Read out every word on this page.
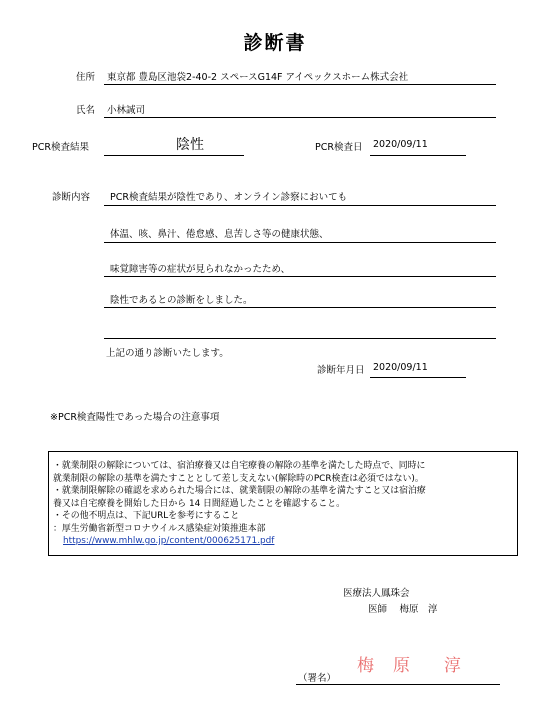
診断書
住所 東京都 豊島区池袋2-40-2 スペースG14F アイペックスホーム株式会社
氏名 小林誠司
PCR検査結果	陰性	PCR検査日 2020/09/11
診断内容 PCR検査結果が陰性であり、オンライン診察においても
体温、咳、鼻汁、倦怠感、息苦しさ等の健康状態、
味覚障害等の症状が見られなかったため、
陰性であるとの診断をしました。
上記の通り診断いたします。
診断年月日 2020/09/11
※PCR検査陽性であった場合の注意事項
・就業制限の解除については、宿泊療養又は自宅療養の解除の基準を満たした時点で、同時に
就業制限の解除の基準を満たすこととして差し支えない(解除時のPCR検査は必須ではない)。
・就業制限解除の確認を求められた場合には、就業制限の解除の基準を満たすこと又は宿泊療
養又は自宅療養を開始した日から 14 日間経過したことを確認すること。
・その他不明点は、下記URLを参考にすること
：厚生労働省新型コロナウイルス感染症対策推進本部
https://www.mhlw.go.jp/content/000625171.pdf
医療法人鳳珠会
医師　 梅原　淳
（署名）
梅 原 淳
